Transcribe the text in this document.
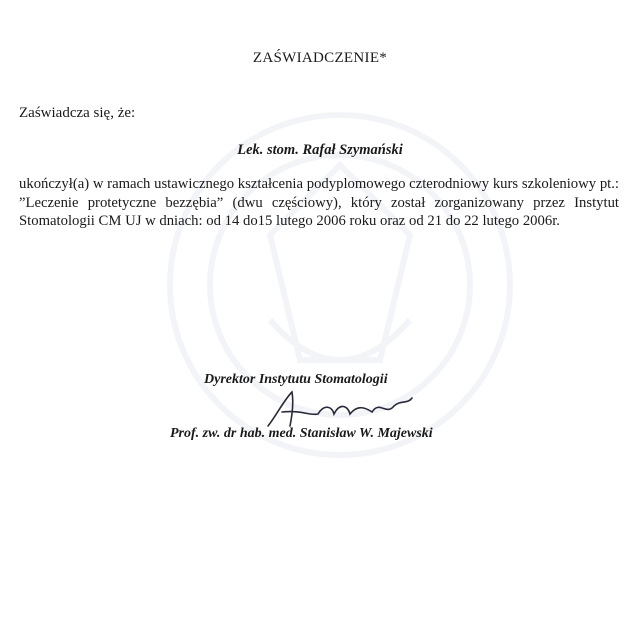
ZAŚWIADCZENIE*
Zaświadcza się, że:
Lek. stom. Rafał Szymański
ukończył(a) w ramach ustawicznego kształcenia podyplomowego czterodniowy kurs szkoleniowy pt.: ”Leczenie protetyczne bezzębia” (dwu częściowy), który został zorganizowany przez Instytut Stomatologii CM UJ w dniach: od 14 do15 lutego 2006 roku oraz od 21 do 22 lutego 2006r.
Dyrektor Instytutu Stomatologii
Prof. zw. dr hab. med. Stanisław W. Majewski
